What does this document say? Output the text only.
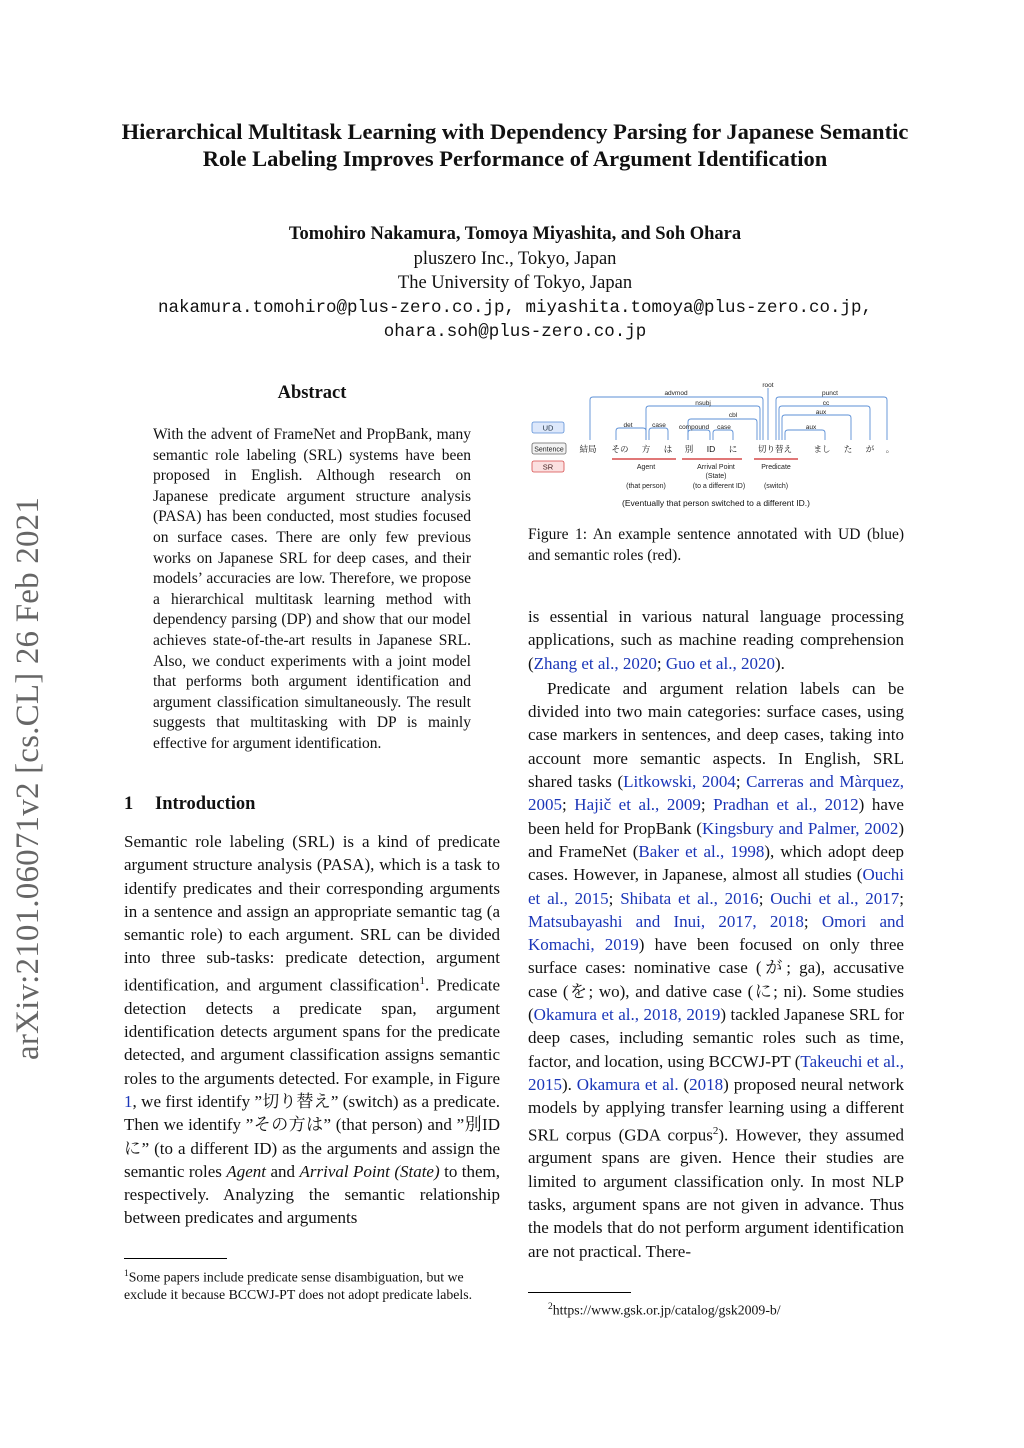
arXiv:2101.06071v2 [cs.CL] 26 Feb 2021
Hierarchical Multitask Learning with Dependency Parsing for Japanese Semantic Role Labeling Improves Performance of Argument Identification
Tomohiro Nakamura, Tomoya Miyashita, and Soh Ohara
pluszero Inc., Tokyo, Japan
The University of Tokyo, Japan
nakamura.tomohiro@plus-zero.co.jp, miyashita.tomoya@plus-zero.co.jp,
ohara.soh@plus-zero.co.jp
Abstract
With the advent of FrameNet and PropBank, many semantic role labeling (SRL) systems have been proposed in English. Although research on Japanese predicate argument structure analysis (PASA) has been conducted, most studies focused on surface cases. There are only few previous works on Japanese SRL for deep cases, and their models’ accuracies are low. Therefore, we propose a hierarchical multitask learning method with dependency parsing (DP) and show that our model achieves state-of-the-art results in Japanese SRL. Also, we conduct experiments with a joint model that performs both argument identification and argument classification simultaneously. The result suggests that multitasking with DP is mainly effective for argument identification.
1 Introduction

Semantic role labeling (SRL) is a kind of predicate argument structure analysis (PASA), which is a task to identify predicates and their corresponding arguments in a sentence and assign an appropriate semantic tag (a semantic role) to each argument. SRL can be divided into three sub-tasks: predicate detection, argument identification, and argument classification$^1$. Predicate detection detects a predicate span, argument identification detects argument spans for the predicate detected, and argument classification assigns semantic roles to the arguments detected. For example, in Figure 1, we first identify ”切り替え” (switch) as a predicate. Then we identify ”その方は” (that person) and ”別IDに” (to a different ID) as the arguments and assign the semantic roles Agent and Arrival Point (State) to them, respectively. Analyzing the semantic relationship between predicates and arguments

$^1$Some papers include predicate sense disambiguation, but we exclude it because BCCWJ-PT does not adopt predicate labels.
UD
Sentence
SR
root
advmod
nsubj
cbl
punct
cc
aux
det	case compound case	aux
結局 その 方 は 別 ID に 切り替え	まし た が 。
Agent	Arrival Point
(State)
Predicate
(that person)	(to a different ID)	(switch)
(Eventually that person switched to a different ID.)
Figure 1: An example sentence annotated with UD (blue) and semantic roles (red).

is essential in various natural language processing applications, such as machine reading comprehension (Zhang et al., 2020; Guo et al., 2020).

Predicate and argument relation labels can be divided into two main categories: surface cases, using case markers in sentences, and deep cases, taking into account more semantic aspects. In English, SRL shared tasks (Litkowski, 2004; Carreras and Màrquez, 2005; Hajič et al., 2009; Pradhan et al., 2012) have been held for PropBank (Kingsbury and Palmer, 2002) and FrameNet (Baker et al., 1998), which adopt deep cases. However, in Japanese, almost all studies (Ouchi et al., 2015; Shibata et al., 2016; Ouchi et al., 2017; Matsubayashi and Inui, 2017, 2018; Omori and Komachi, 2019) have been focused on only three surface cases: nominative case (が; ga), accusative case (を; wo), and dative case (に; ni). Some studies (Okamura et al., 2018, 2019) tackled Japanese SRL for deep cases, including semantic roles such as time, factor, and location, using BCCWJ-PT (Takeuchi et al., 2015). Okamura et al. (2018) proposed neural network models by applying transfer learning using a different SRL corpus (GDA corpus$^2$). However, they assumed argument spans are given. Hence their studies are limited to argument classification only. In most NLP tasks, argument spans are not given in advance. Thus the models that do not perform argument identification are not practical. There-

$^2$https://www.gsk.or.jp/catalog/gsk2009-b/
